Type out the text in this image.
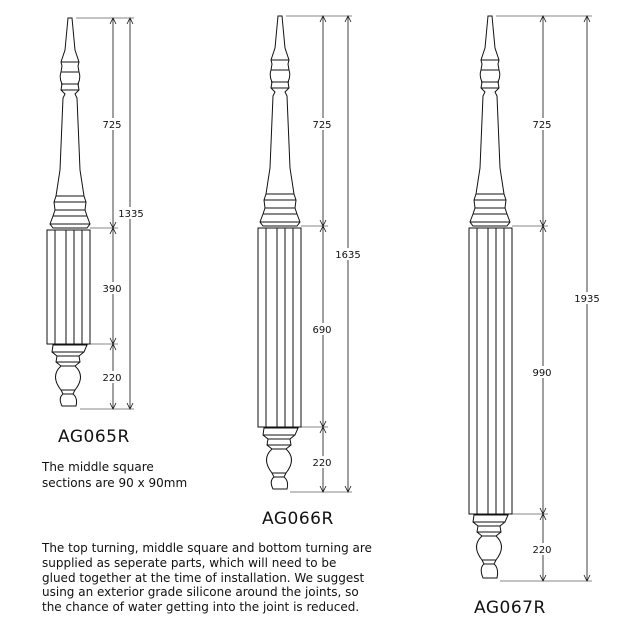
725
390
220
1335
725
690
220
1635
725
990
220
1935
AG065R
AG066R
AG067R
The middle square
sections are 90 x 90mm
The top turning, middle square and bottom turning are
supplied as seperate parts, which will need to be
glued together at the time of installation. We suggest
using an exterior grade silicone around the joints, so
the chance of water getting into the joint is reduced.
